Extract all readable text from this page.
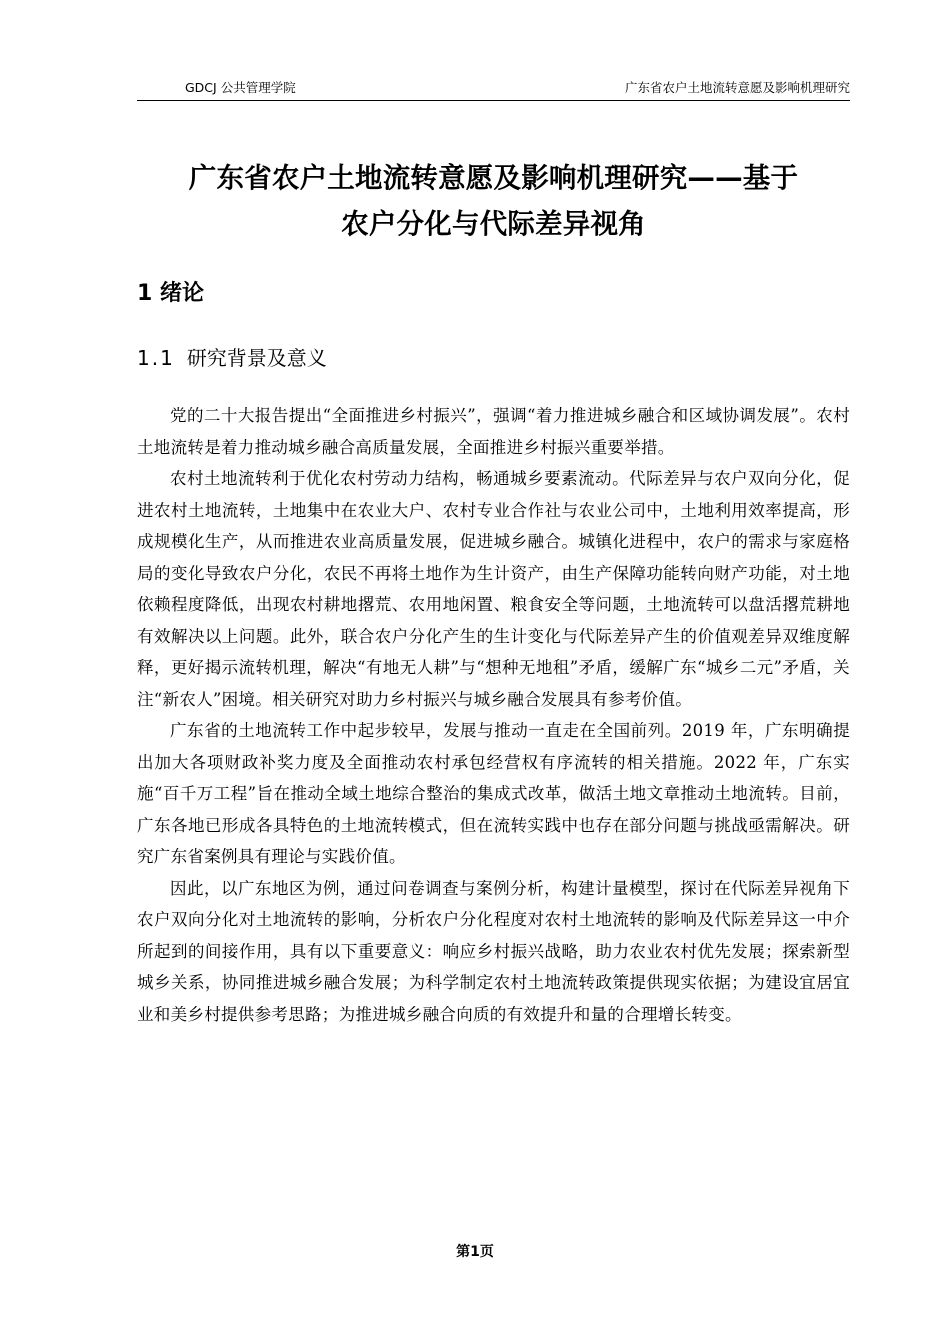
GDCJ 公共管理学院	广东省农户土地流转意愿及影响机理研究
广东省农户土地流转意愿及影响机理研究——基于
农户分化与代际差异视角
1 绪论
1.1 研究背景及意义

党的二十大报告提出“全面推进乡村振兴”，强调“着力推进城乡融合和区域协调发展”。农村土地流转是着力推动城乡融合高质量发展，全面推进乡村振兴重要举措。

农村土地流转利于优化农村劳动力结构，畅通城乡要素流动。代际差异与农户双向分化，促进农村土地流转，土地集中在农业大户、农村专业合作社与农业公司中，土地利用效率提高，形成规模化生产，从而推进农业高质量发展，促进城乡融合。城镇化进程中，农户的需求与家庭格局的变化导致农户分化，农民不再将土地作为生计资产，由生产保障功能转向财产功能，对土地依赖程度降低，出现农村耕地撂荒、农用地闲置、粮食安全等问题，土地流转可以盘活撂荒耕地有效解决以上问题。此外，联合农户分化产生的生计变化与代际差异产生的价值观差异双维度解释，更好揭示流转机理，解决“有地无人耕”与“想种无地租”矛盾，缓解广东“城乡二元”矛盾，关注“新农人”困境。相关研究对助力乡村振兴与城乡融合发展具有参考价值。

广东省的土地流转工作中起步较早，发展与推动一直走在全国前列。2019 年，广东明确提出加大各项财政补奖力度及全面推动农村承包经营权有序流转的相关措施。2022 年，广东实施“百千万工程”旨在推动全域土地综合整治的集成式改革，做活土地文章推动土地流转。目前，广东各地已形成各具特色的土地流转模式，但在流转实践中也存在部分问题与挑战亟需解决。研究广东省案例具有理论与实践价值。

因此，以广东地区为例，通过问卷调查与案例分析，构建计量模型，探讨在代际差异视角下农户双向分化对土地流转的影响，分析农户分化程度对农村土地流转的影响及代际差异这一中介所起到的间接作用，具有以下重要意义：响应乡村振兴战略，助力农业农村优先发展；探索新型城乡关系，协同推进城乡融合发展；为科学制定农村土地流转政策提供现实依据；为建设宜居宜业和美乡村提供参考思路；为推进城乡融合向质的有效提升和量的合理增长转变。

第1页
